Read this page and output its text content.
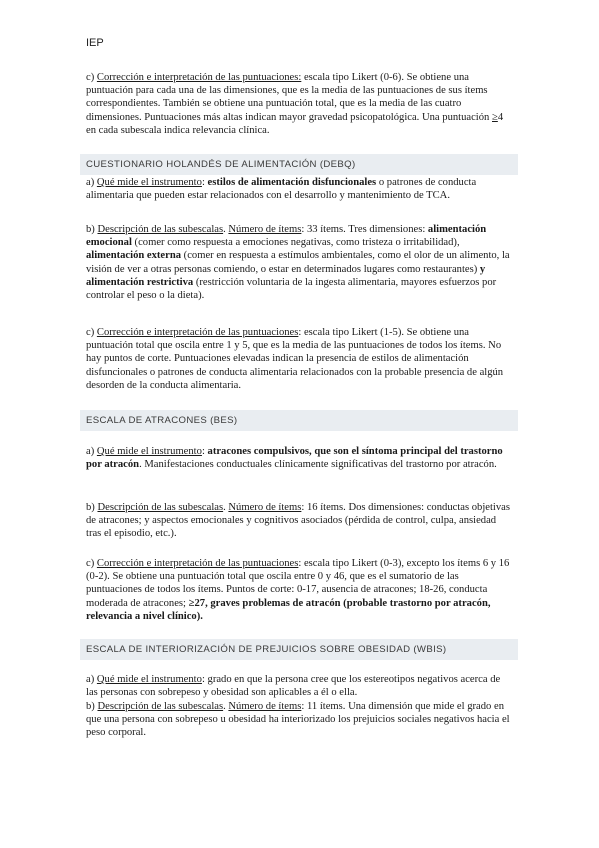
IEP

c) Corrección e interpretación de las puntuaciones: escala tipo Likert (0-6). Se obtiene una puntuación para cada una de las dimensiones, que es la media de las puntuaciones de sus ítems correspondientes. También se obtiene una puntuación total, que es la media de las cuatro dimensiones. Puntuaciones más altas indican mayor gravedad psicopatológica. Una puntuación ≥4 en cada subescala indica relevancia clínica.

CUESTIONARIO HOLANDÉS DE ALIMENTACIÓN (DEBQ)

a) Qué mide el instrumento: estilos de alimentación disfuncionales o patrones de conducta alimentaria que pueden estar relacionados con el desarrollo y mantenimiento de TCA.

b) Descripción de las subescalas. Número de ítems: 33 ítems. Tres dimensiones: alimentación emocional (comer como respuesta a emociones negativas, como tristeza o irritabilidad), alimentación externa (comer en respuesta a estímulos ambientales, como el olor de un alimento, la visión de ver a otras personas comiendo, o estar en determinados lugares como restaurantes) y alimentación restrictiva (restricción voluntaria de la ingesta alimentaria, mayores esfuerzos por controlar el peso o la dieta).

c) Corrección e interpretación de las puntuaciones: escala tipo Likert (1-5). Se obtiene una puntuación total que oscila entre 1 y 5, que es la media de las puntuaciones de todos los ítems. No hay puntos de corte. Puntuaciones elevadas indican la presencia de estilos de alimentación disfuncionales o patrones de conducta alimentaria relacionados con la probable presencia de algún desorden de la conducta alimentaria.

ESCALA DE ATRACONES (BES)

a) Qué mide el instrumento: atracones compulsivos, que son el síntoma principal del trastorno por atracón. Manifestaciones conductuales clínicamente significativas del trastorno por atracón.

b) Descripción de las subescalas. Número de ítems: 16 ítems. Dos dimensiones: conductas objetivas de atracones; y aspectos emocionales y cognitivos asociados (pérdida de control, culpa, ansiedad tras el episodio, etc.).

c) Corrección e interpretación de las puntuaciones: escala tipo Likert (0-3), excepto los ítems 6 y 16 (0-2). Se obtiene una puntuación total que oscila entre 0 y 46, que es el sumatorio de las puntuaciones de todos los ítems. Puntos de corte: 0-17, ausencia de atracones; 18-26, conducta moderada de atracones; ≥27, graves problemas de atracón (probable trastorno por atracón, relevancia a nivel clínico).

ESCALA DE INTERIORIZACIÓN DE PREJUICIOS SOBRE OBESIDAD (WBIS)

a) Qué mide el instrumento: grado en que la persona cree que los estereotipos negativos acerca de las personas con sobrepeso y obesidad son aplicables a él o ella.

b) Descripción de las subescalas. Número de ítems: 11 ítems. Una dimensión que mide el grado en que una persona con sobrepeso u obesidad ha interiorizado los prejuicios sociales negativos hacia el peso corporal.
